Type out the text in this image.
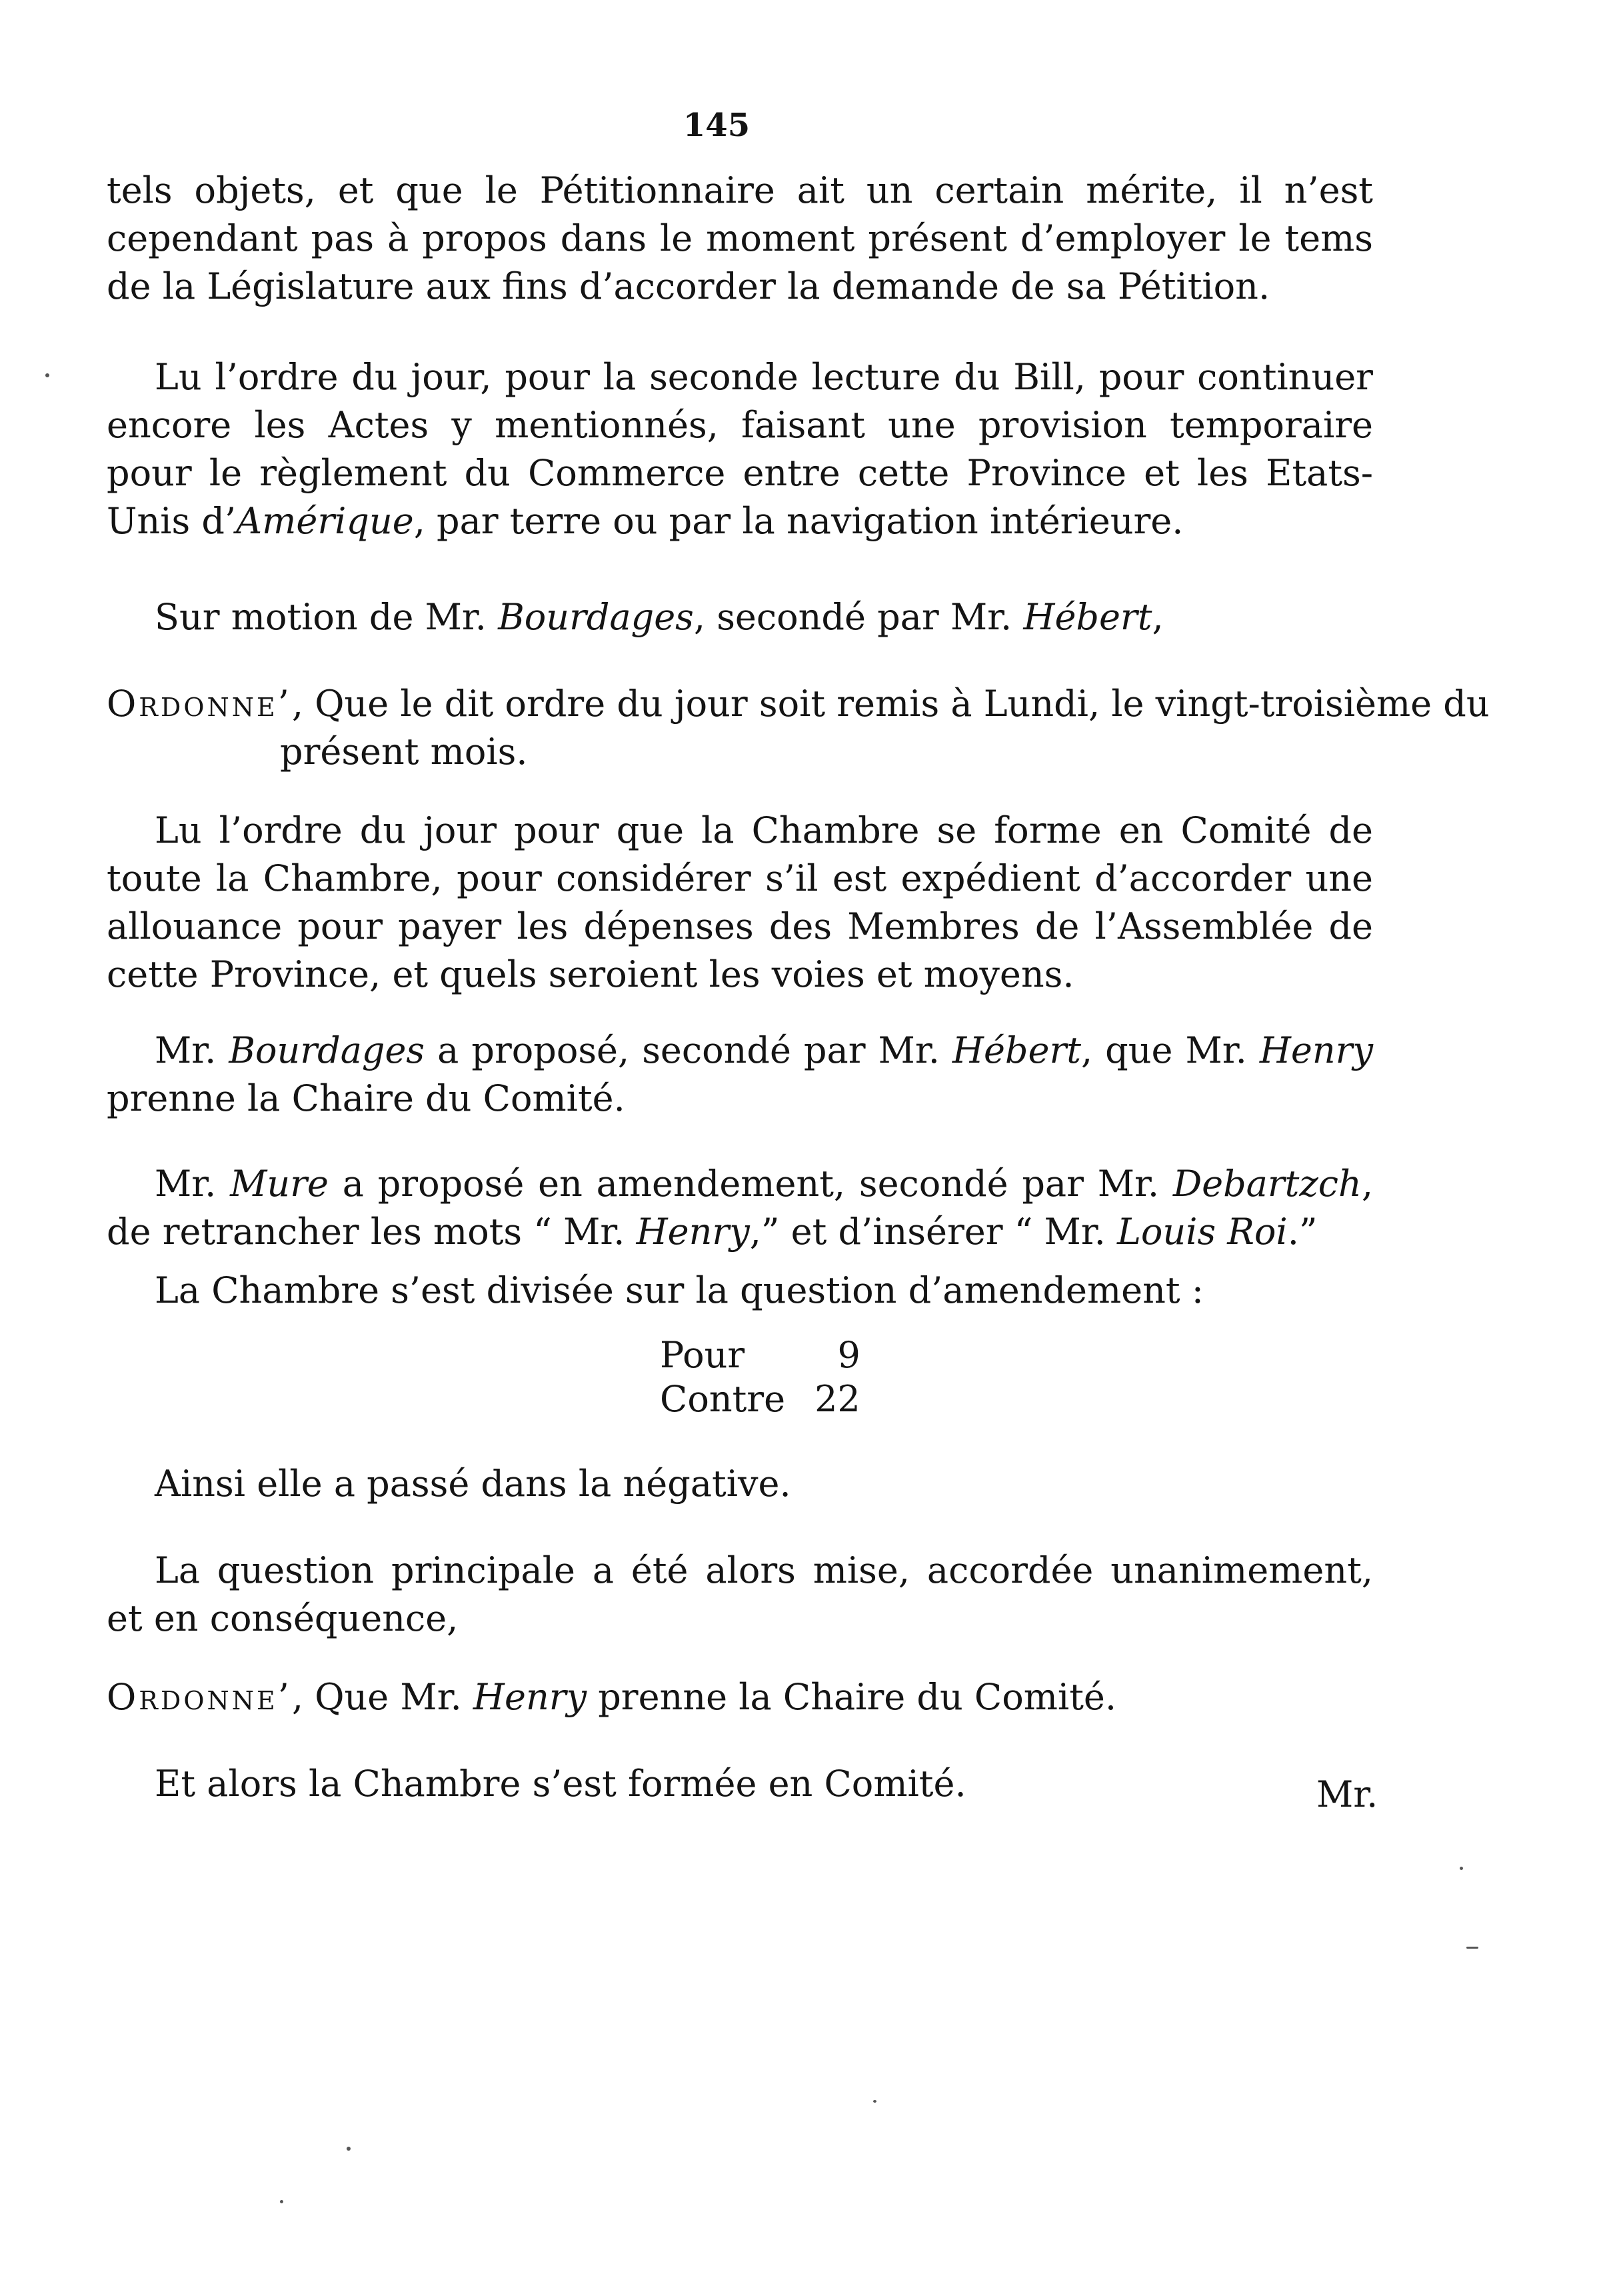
145

tels objets, et que le Pétitionnaire ait un certain mérite, il n’est cependant pas à propos dans le moment présent d’employer le tems de la Législature aux fins d’accorder la demande de sa Pétition.

Lu l’ordre du jour, pour la seconde lecture du Bill, pour continuer encore les Actes y mentionnés, faisant une provision temporaire pour le règlement du Commerce entre cette Province et les Etats-Unis d’Amérique, par terre ou par la navigation intérieure.

Sur motion de Mr. Bourdages, secondé par Mr. Hébert,

Ordonne’, Que le dit ordre du jour soit remis à Lundi, le vingt-troisième du présent mois.

Lu l’ordre du jour pour que la Chambre se forme en Comité de toute la Chambre, pour considérer s’il est expédient d’accorder une allouance pour payer les dépenses des Membres de l’Assemblée de cette Province, et quels seroient les voies et moyens.

Mr. Bourdages a proposé, secondé par Mr. Hébert, que Mr. Henry prenne la Chaire du Comité.

Mr. Mure a proposé en amendement, secondé par Mr. Debartzch, de retrancher les mots “ Mr. Henry,” et d’insérer “ Mr. Louis Roi.”

La Chambre s’est divisée sur la question d’amendement :

Pour	9
Contre	22

Ainsi elle a passé dans la négative.

La question principale a été alors mise, accordée unanimement, et en conséquence,

Ordonne’, Que Mr. Henry prenne la Chaire du Comité.

Et alors la Chambre s’est formée en Comité.	Mr.
